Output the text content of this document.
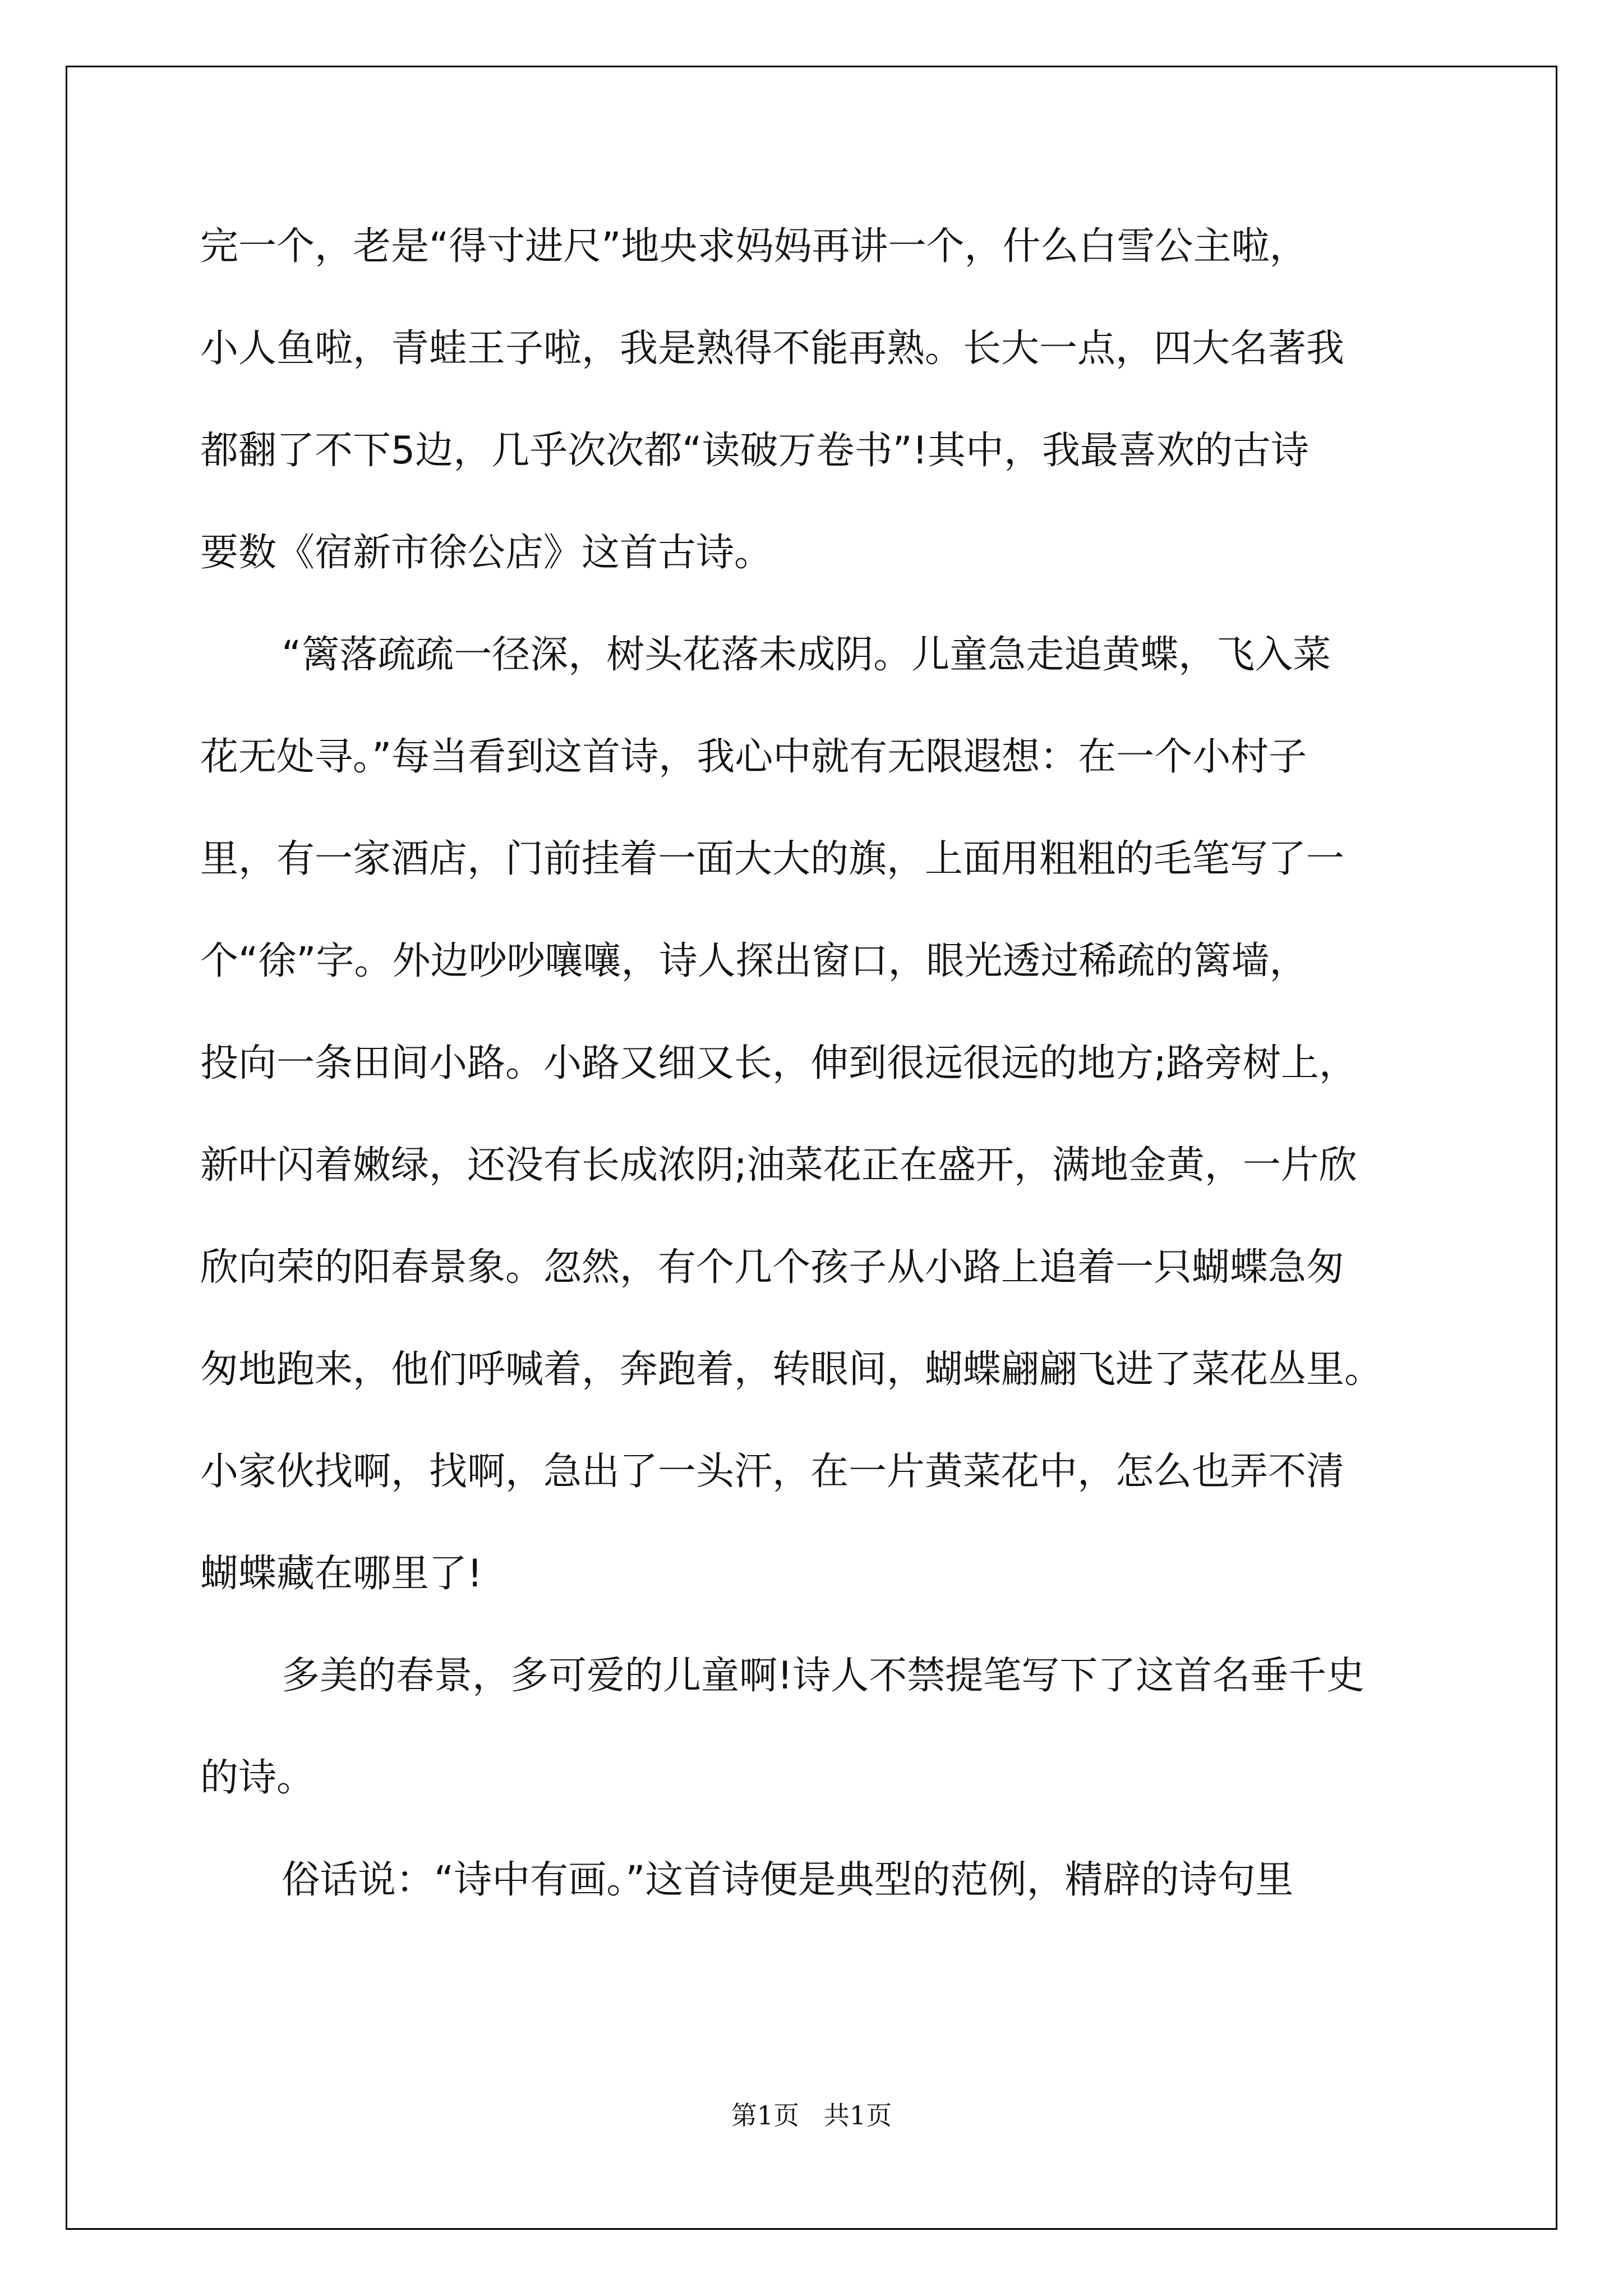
完一个，老是“得寸进尺”地央求妈妈再讲一个，什么白雪公主啦，

小人鱼啦，青蛙王子啦，我是熟得不能再熟。长大一点，四大名著我

都翻了不下5边，几乎次次都“读破万卷书”!其中，我最喜欢的古诗

要数《宿新市徐公店》这首古诗。

“篱落疏疏一径深，树头花落未成阴。儿童急走追黄蝶，飞入菜

花无处寻。”每当看到这首诗，我心中就有无限遐想：在一个小村子

里，有一家酒店，门前挂着一面大大的旗，上面用粗粗的毛笔写了一

个“徐”字。外边吵吵嚷嚷，诗人探出窗口，眼光透过稀疏的篱墙，

投向一条田间小路。小路又细又长，伸到很远很远的地方;路旁树上，

新叶闪着嫩绿，还没有长成浓阴;油菜花正在盛开，满地金黄，一片欣

欣向荣的阳春景象。忽然，有个几个孩子从小路上追着一只蝴蝶急匆

匆地跑来，他们呼喊着，奔跑着，转眼间，蝴蝶翩翩飞进了菜花丛里。

小家伙找啊，找啊，急出了一头汗，在一片黄菜花中，怎么也弄不清

蝴蝶藏在哪里了!

多美的春景，多可爱的儿童啊!诗人不禁提笔写下了这首名垂千史

的诗。

俗话说：“诗中有画。”这首诗便是典型的范例，精辟的诗句里

第1页   共1页
